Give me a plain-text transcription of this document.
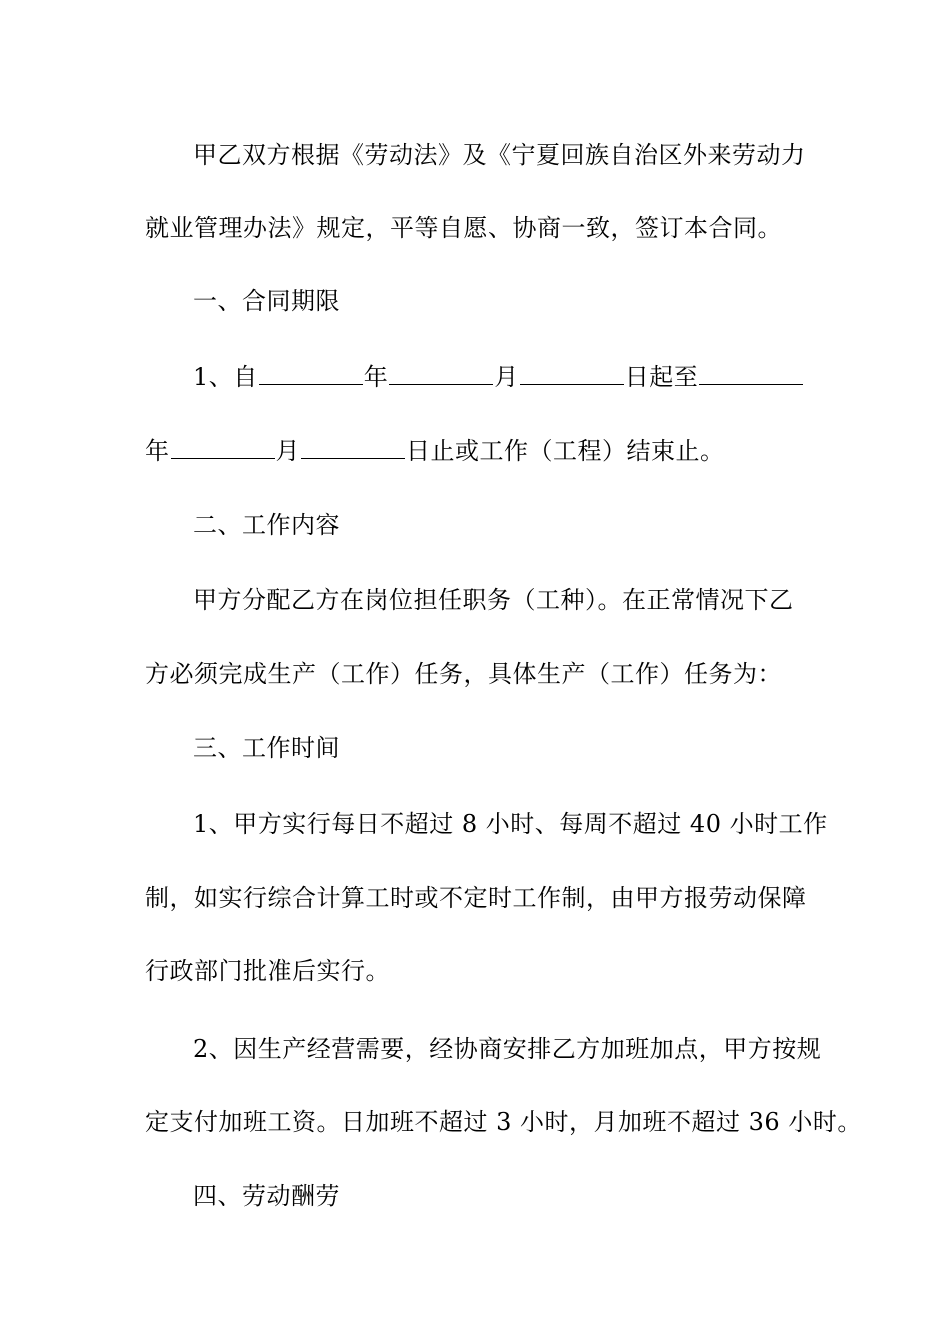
甲乙双方根据《劳动法》及《宁夏回族自治区外来劳动力
就业管理办法》规定，平等自愿、协商一致，签订本合同。
一、合同期限
1、自	年	月	日起至
年	月	日止或工作（工程）结束止。
二、工作内容
甲方分配乙方在岗位担任职务（工种）。在正常情况下乙
方必须完成生产（工作）任务，具体生产（工作）任务为：
三、工作时间
1、甲方实行每日不超过 8 小时、每周不超过 40 小时工作
制，如实行综合计算工时或不定时工作制，由甲方报劳动保障
行政部门批准后实行。
2、因生产经营需要，经协商安排乙方加班加点，甲方按规
定支付加班工资。日加班不超过 3 小时，月加班不超过 36 小时。
四、劳动酬劳
